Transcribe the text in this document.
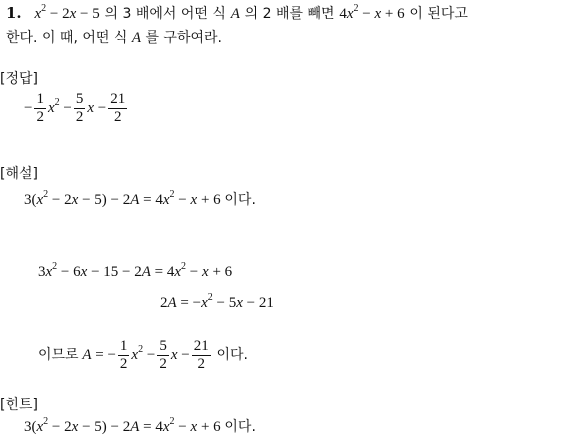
1. $x^2 - 2x - 5$ 의 3 배에서 어떤 식 A 의 2 배를 빼면 $4x^2 - x + 6$ 이 된다고
한다. 이 때, 어떤 식 A 를 구하여라.
[정답]
− $\frac{1}{2} x^2 - \frac{5}{2}$ $x - \frac{21}{2}$
[해설]
$3(x^2 - 2x - 5) - 2A = 4x^2 - x + 6$ 이다.
$3x^2 - 6x - 15 - 2A = 4x^2 - x + 6$
$2A = -x^2 - 5x - 21$
이므로 A = − $\frac{1}{2} x^2 - \frac{5}{2}$ $x - \frac{21}{2}$ 이다.
[힌트]
$3(x^2 - 2x - 5) - 2A = 4x^2 - x + 6$ 이다.
